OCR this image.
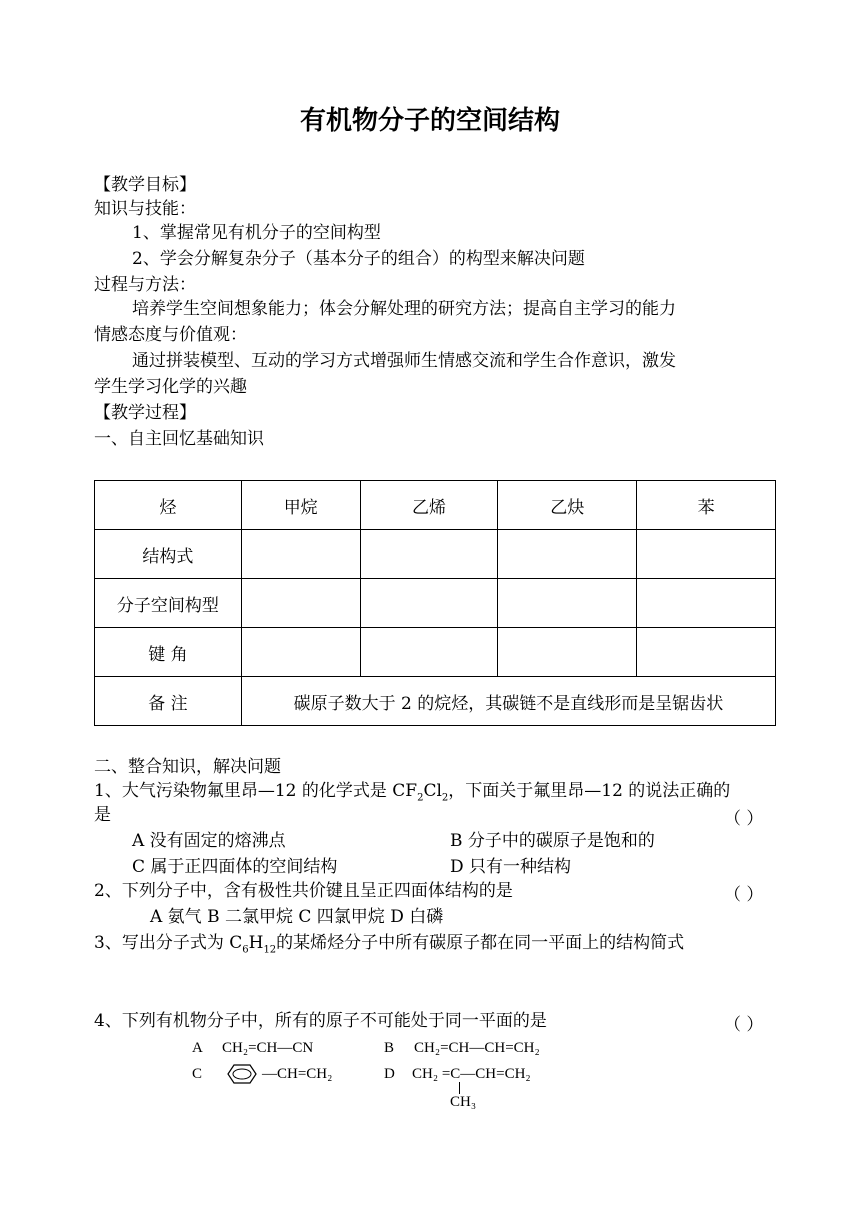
有机物分子的空间结构
【教学目标】
知识与技能：
1、掌握常见有机分子的空间构型
2、学会分解复杂分子（基本分子的组合）的构型来解决问题
过程与方法：
培养学生空间想象能力；体会分解处理的研究方法；提高自主学习的能力
情感态度与价值观：
通过拼装模型、互动的学习方式增强师生情感交流和学生合作意识，激发
学生学习化学的兴趣
【教学过程】
一、自主回忆基础知识
烃	甲烷	乙烯	乙炔	苯
结构式				
分子空间构型				
键 角				
备 注	碳原子数大于 2 的烷烃，其碳链不是直线形而是呈锯齿状			
二、整合知识，解决问题
1、大气污染物氟里昂—12 的化学式是 $CF_2Cl_2$，下面关于氟里昂—12 的说法正确的
是	（ ）
A 没有固定的熔沸点	B 分子中的碳原子是饱和的
C 属于正四面体的空间结构	D 只有一种结构
2、下列分子中，含有极性共价键且呈正四面体结构的是	（ ）
A 氨气 B 二氯甲烷 C 四氯甲烷 D 白磷
3、写出分子式为 $C_6H_{12}$的某烯烃分子中所有碳原子都在同一平面上的结构简式
4、下列有机物分子中，所有的原子不可能处于同一平面的是	（ ）
A CH₂=CH—CN	B CH₂=CH—CH=CH₂
C	—CH=CH₂	D CH₂ =C—CH=CH₂
CH₃
